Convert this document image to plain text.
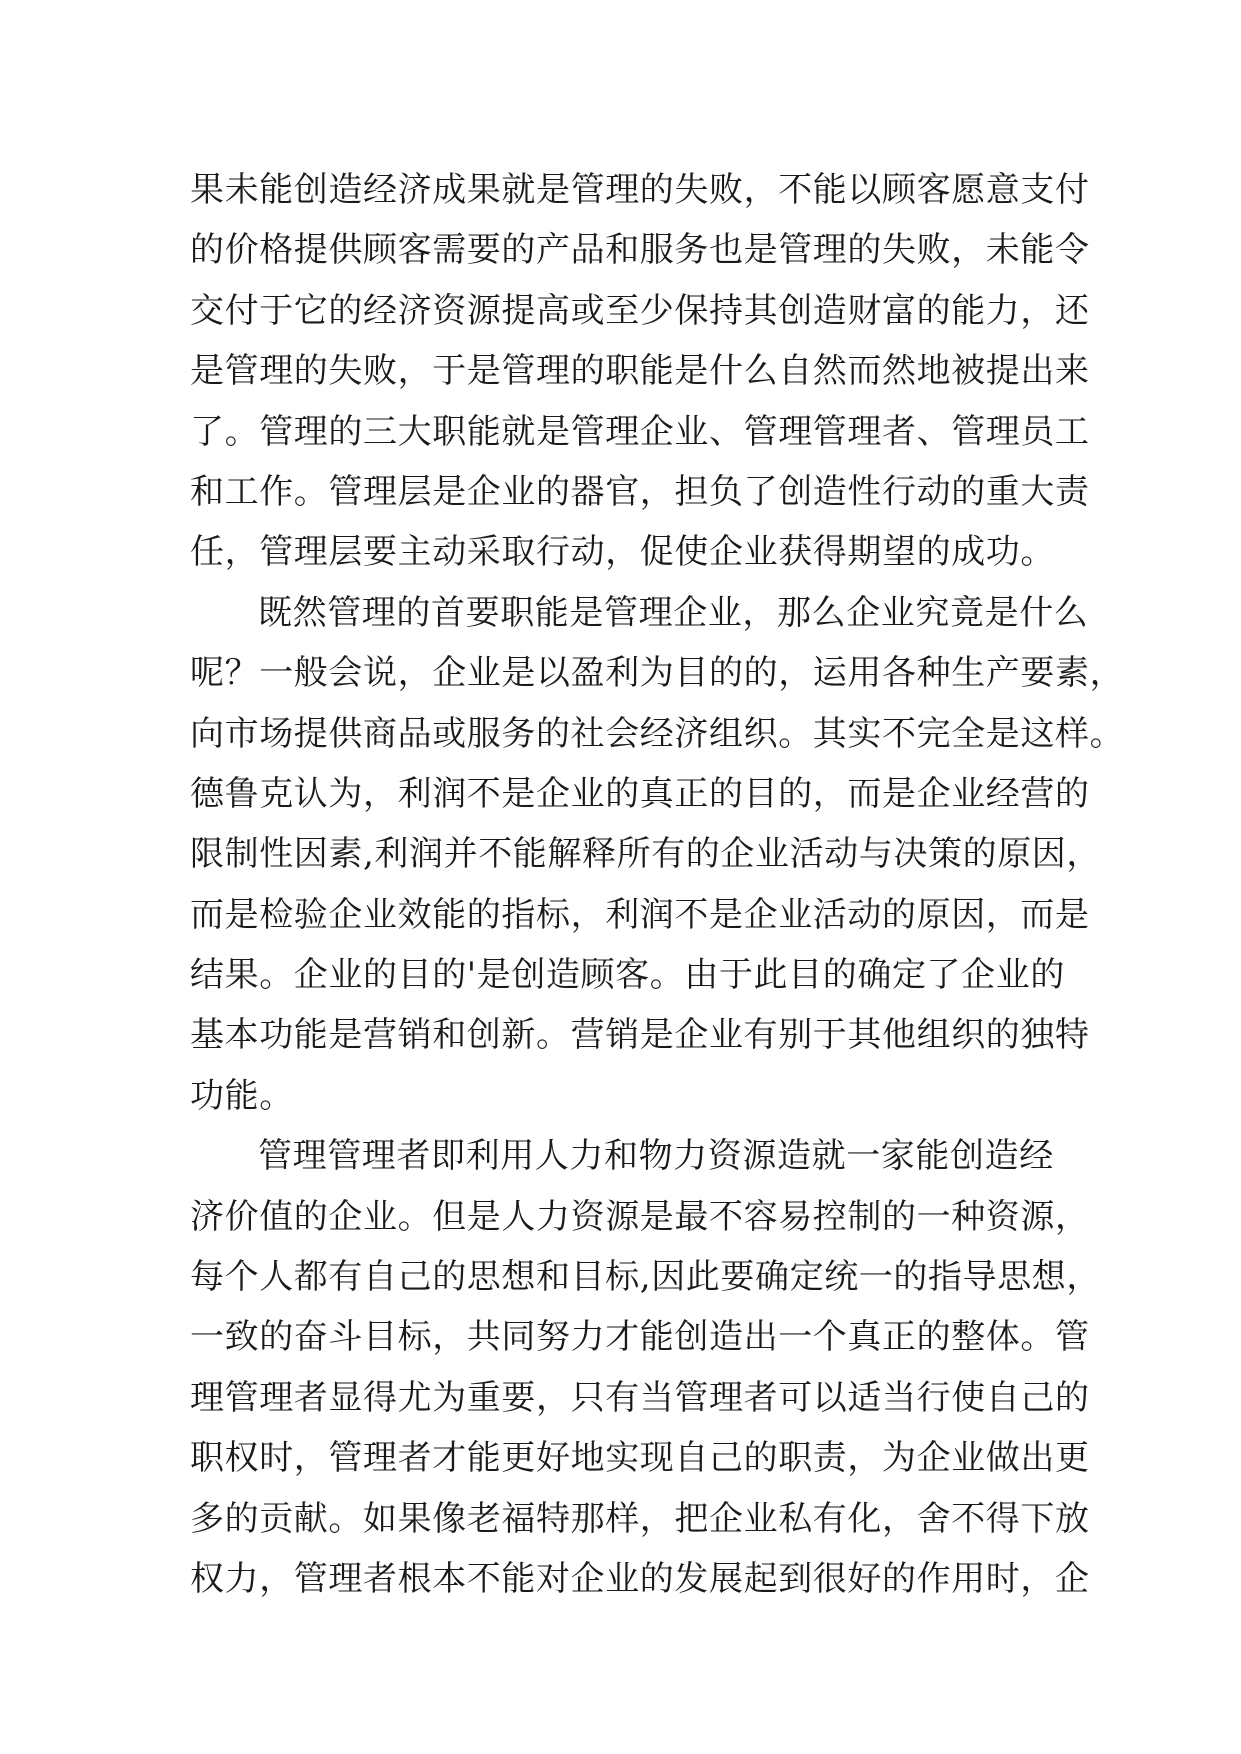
果未能创造经济成果就是管理的失败，不能以顾客愿意支付
的价格提供顾客需要的产品和服务也是管理的失败，未能令
交付于它的经济资源提高或至少保持其创造财富的能力，还
是管理的失败，于是管理的职能是什么自然而然地被提出来
了。管理的三大职能就是管理企业、管理管理者、管理员工
和工作。管理层是企业的器官，担负了创造性行动的重大责
任，管理层要主动采取行动，促使企业获得期望的成功。
既然管理的首要职能是管理企业，那么企业究竟是什么
呢？一般会说，企业是以盈利为目的的，运用各种生产要素，
向市场提供商品或服务的社会经济组织。其实不完全是这样。
德鲁克认为，利润不是企业的真正的目的，而是企业经营的
限制性因素,利润并不能解释所有的企业活动与决策的原因，
而是检验企业效能的指标，利润不是企业活动的原因，而是
结果。企业的目的'是创造顾客。由于此目的确定了企业的
基本功能是营销和创新。营销是企业有别于其他组织的独特
功能。
管理管理者即利用人力和物力资源造就一家能创造经
济价值的企业。但是人力资源是最不容易控制的一种资源，
每个人都有自己的思想和目标,因此要确定统一的指导思想，
一致的奋斗目标，共同努力才能创造出一个真正的整体。管
理管理者显得尤为重要，只有当管理者可以适当行使自己的
职权时，管理者才能更好地实现自己的职责，为企业做出更
多的贡献。如果像老福特那样，把企业私有化，舍不得下放
权力，管理者根本不能对企业的发展起到很好的作用时，企
